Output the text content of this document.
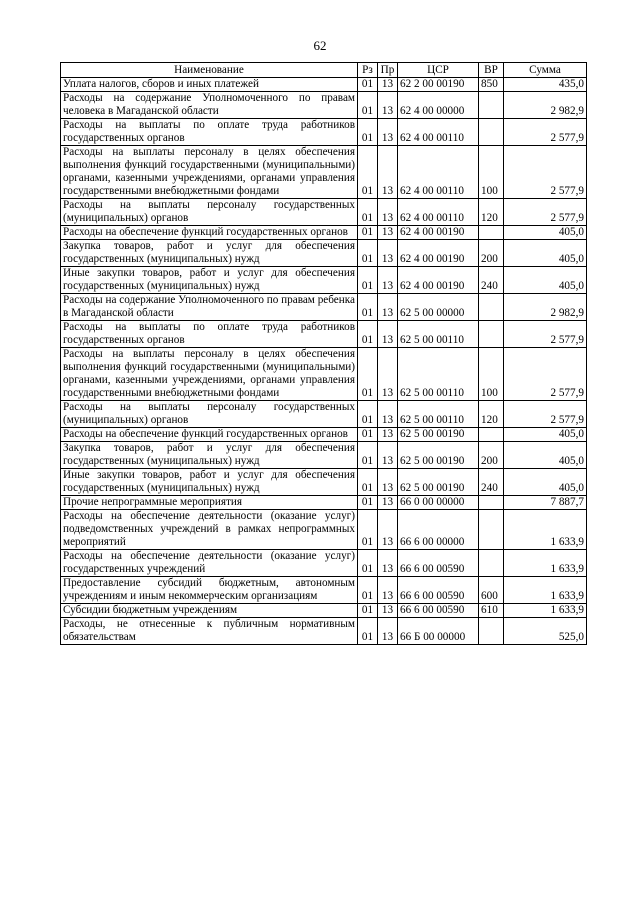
62
Наименование	Рз	Пр	ЦСР	ВР	Сумма
Уплата налогов, сборов и иных платежей	01	13	62 2 00 00190	850	435,0
Расходы на содержание Уполномоченного по правам человека в Магаданской области	01	13	62 4 00 00000		2 982,9
Расходы на выплаты по оплате труда работников государственных органов	01	13	62 4 00 00110		2 577,9
Расходы на выплаты персоналу в целях обеспечения выполнения функций государственными (муниципальными) органами, казенными учреждениями, органами управления государственными внебюджетными фондами	01	13	62 4 00 00110	100	2 577,9
Расходы на выплаты персоналу государственных (муниципальных) органов	01	13	62 4 00 00110	120	2 577,9
Расходы на обеспечение функций государственных органов	01	13	62 4 00 00190		405,0
Закупка товаров, работ и услуг для обеспечения государственных (муниципальных) нужд	01	13	62 4 00 00190	200	405,0
Иные закупки товаров, работ и услуг для обеспечения государственных (муниципальных) нужд	01	13	62 4 00 00190	240	405,0
Расходы на содержание Уполномоченного по правам ребенка в Магаданской области	01	13	62 5 00 00000		2 982,9
Расходы на выплаты по оплате труда работников государственных органов	01	13	62 5 00 00110		2 577,9
Расходы на выплаты персоналу в целях обеспечения выполнения функций государственными (муниципальными) органами, казенными учреждениями, органами управления государственными внебюджетными фондами	01	13	62 5 00 00110	100	2 577,9
Расходы на выплаты персоналу государственных (муниципальных) органов	01	13	62 5 00 00110	120	2 577,9
Расходы на обеспечение функций государственных органов	01	13	62 5 00 00190		405,0
Закупка товаров, работ и услуг для обеспечения государственных (муниципальных) нужд	01	13	62 5 00 00190	200	405,0
Иные закупки товаров, работ и услуг для обеспечения государственных (муниципальных) нужд	01	13	62 5 00 00190	240	405,0
Прочие непрограммные мероприятия	01	13	66 0 00 00000		7 887,7
Расходы на обеспечение деятельности (оказание услуг) подведомственных учреждений в рамках непрограммных мероприятий	01	13	66 6 00 00000		1 633,9
Расходы на обеспечение деятельности (оказание услуг) государственных учреждений	01	13	66 6 00 00590		1 633,9
Предоставление субсидий бюджетным, автономным учреждениям и иным некоммерческим организациям	01	13	66 6 00 00590	600	1 633,9
Субсидии бюджетным учреждениям	01	13	66 6 00 00590	610	1 633,9
Расходы, не отнесенные к публичным нормативным обязательствам	01	13	66 Б 00 00000		525,0
